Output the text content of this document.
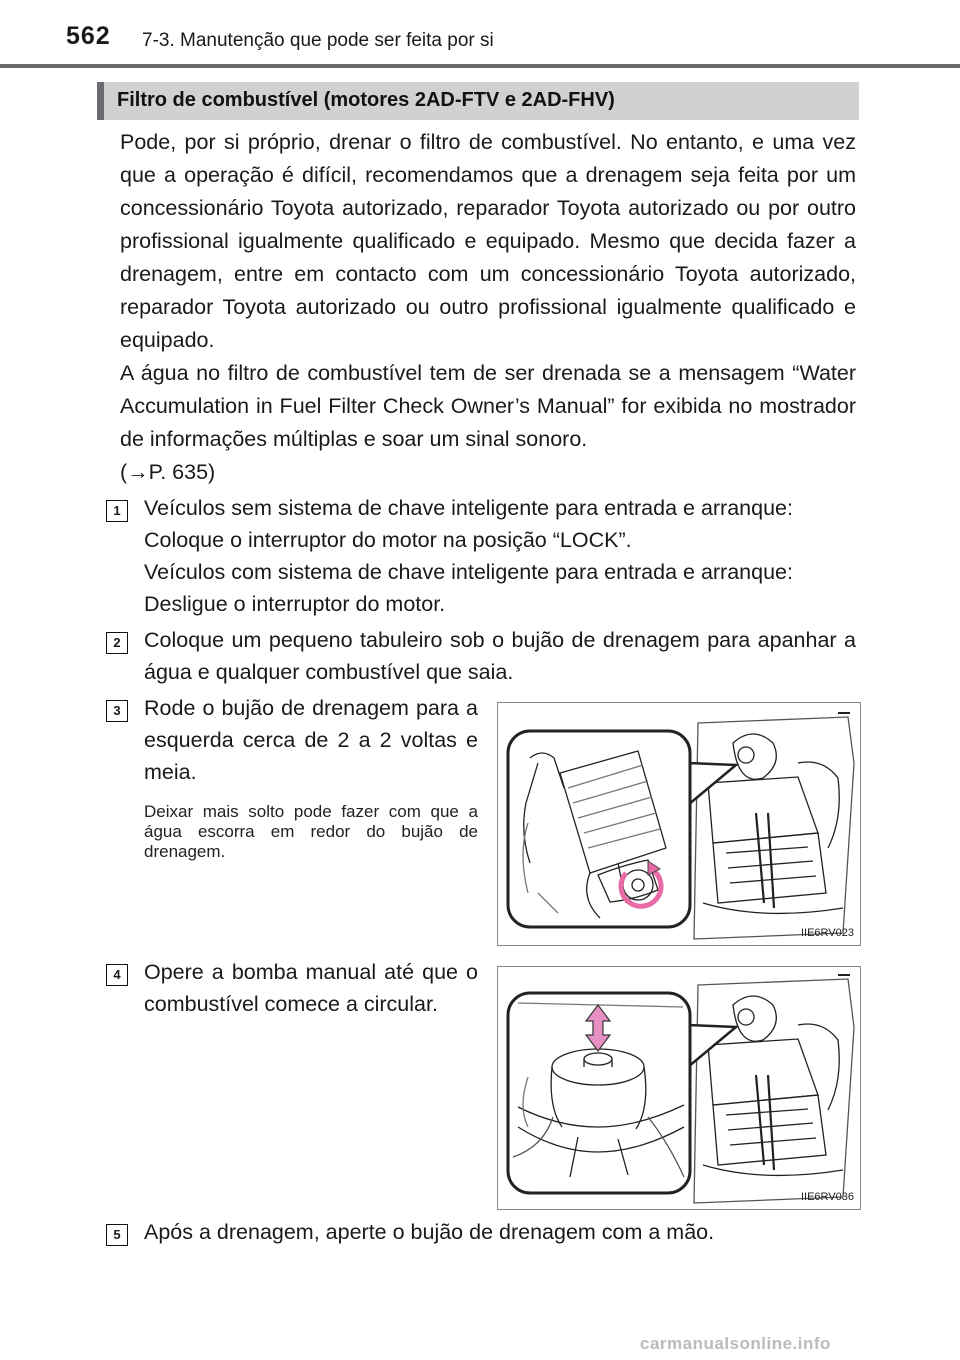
562 7-3. Manutenção que pode ser feita por si
Filtro de combustível (motores 2AD-FTV e 2AD-FHV)

Pode, por si próprio, drenar o filtro de combustível. No entanto, e uma vez que a operação é difícil, recomendamos que a drenagem seja feita por um concessionário Toyota autorizado, reparador Toyota autorizado ou por outro profissional igualmente qualificado e equipado. Mesmo que decida fazer a drenagem, entre em contacto com um concessionário Toyota autorizado, reparador Toyota autorizado ou outro profissional igualmente qualificado e equipado.

A água no filtro de combustível tem de ser drenada se a mensagem “Water Accumulation in Fuel Filter Check Owner’s Manual” for exibida no mostrador de informações múltiplas e soar um sinal sonoro.

(→P. 635)

1	Veículos sem sistema de chave inteligente para entrada e arranque:

Coloque o interruptor do motor na posição “LOCK”.

Veículos com sistema de chave inteligente para entrada e arranque:

Desligue o interruptor do motor.

2	Coloque um pequeno tabuleiro sob o bujão de drenagem para apanhar a água e qualquer combustível que saia.

3	Rode o bujão de drenagem para a esquerda cerca de 2 a 2 voltas e meia.

Deixar mais solto pode fazer com que a água escorra em redor do bujão de drenagem.

IIE6RV023
4	Opere a bomba manual até que o combustível comece a circular.

IIE6RV036
5	Após a drenagem, aperte o bujão de drenagem com a mão.

carmanualsonline.info
